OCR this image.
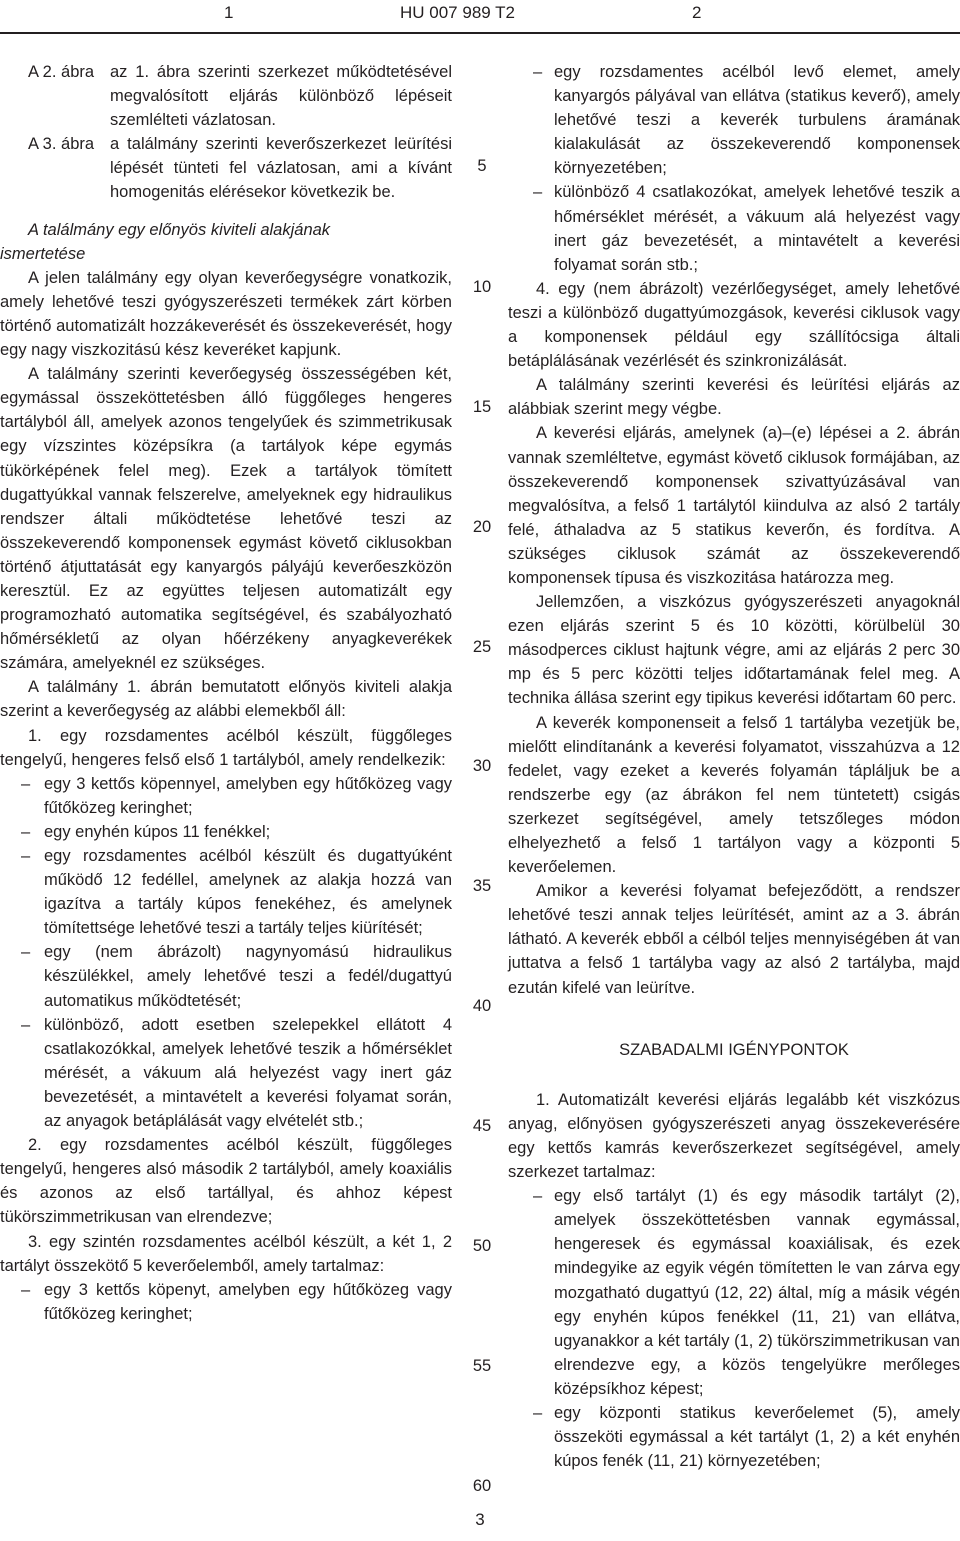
1	HU 007 989 T2	2

A 2. ábra az 1. ábra szerinti szerkezet működtetésével megvalósított eljárás különböző lépéseit szemlélteti vázlatosan.

A 3. ábra a találmány szerinti keverőszerkezet leürítési lépését tünteti fel vázlatosan, ami a kívánt homogenitás elérésekor következik be.

A találmány egy előnyös kiviteli alakjának ismertetése

A jelen találmány egy olyan keverőegységre vonatkozik, amely lehetővé teszi gyógyszerészeti termékek zárt körben történő automatizált hozzákeverését és összekeverését, hogy egy nagy viszkozitású kész keveréket kapjunk.

A találmány szerinti keverőegység összességében két, egymással összeköttetésben álló függőleges hengeres tartályból áll, amelyek azonos tengelyűek és szimmetrikusak egy vízszintes középsíkra (a tartályok képe egymás tükörképének felel meg). Ezek a tartályok tömített dugattyúkkal vannak felszerelve, amelyeknek egy hidraulikus rendszer általi működtetése lehetővé teszi az összekeverendő komponensek egymást követő ciklusokban történő átjuttatását egy kanyargós pályájú keverőeszközön keresztül. Ez az együttes teljesen automatizált egy programozható automatika segítségével, és szabályozható hőmérsékletű az olyan hőérzékeny anyagkeverékek számára, amelyeknél ez szükséges.

A találmány 1. ábrán bemutatott előnyös kiviteli alakja szerint a keverőegység az alábbi elemekből áll:

1. egy rozsdamentes acélból készült, függőleges tengelyű, hengeres felső első 1 tartályból, amely rendelkezik:

– egy 3 kettős köpennyel, amelyben egy hűtőközeg vagy fűtőközeg keringhet;

– egy enyhén kúpos 11 fenékkel;

– egy rozsdamentes acélból készült és dugattyúként működő 12 fedéllel, amelynek az alakja hozzá van igazítva a tartály kúpos fenekéhez, és amelynek tömítettsége lehetővé teszi a tartály teljes kiürítését;

– egy (nem ábrázolt) nagynyomású hidraulikus készülékkel, amely lehetővé teszi a fedél/dugattyú automatikus működtetését;

– különböző, adott esetben szelepekkel ellátott 4 csatlakozókkal, amelyek lehetővé teszik a hőmérséklet mérését, a vákuum alá helyezést vagy inert gáz bevezetését, a mintavételt a keverési folyamat során, az anyagok betáplálását vagy elvételét stb.;

2. egy rozsdamentes acélból készült, függőleges tengelyű, hengeres alsó második 2 tartályból, amely koaxiális és azonos az első tartállyal, és ahhoz képest tükörszimmetrikusan van elrendezve;

3. egy szintén rozsdamentes acélból készült, a két 1, 2 tartályt összekötő 5 keverőelemből, amely tartalmaz:

– egy 3 kettős köpenyt, amelyben egy hűtőközeg vagy fűtőközeg keringhet;

5
10
15
20
25
30
35
40
45
50
55
60

– egy rozsdamentes acélból levő elemet, amely kanyargós pályával van ellátva (statikus keverő), amely lehetővé teszi a keverék turbulens áramának kialakulását az összekeverendő komponensek környezetében;

– különböző 4 csatlakozókat, amelyek lehetővé teszik a hőmérséklet mérését, a vákuum alá helyezést vagy inert gáz bevezetését, a mintavételt a keverési folyamat során stb.;

4. egy (nem ábrázolt) vezérlőegységet, amely lehetővé teszi a különböző dugattyúmozgások, keverési ciklusok vagy a komponensek például egy szállítócsiga általi betáplálásának vezérlését és szinkronizálását.

A találmány szerinti keverési és leürítési eljárás az alábbiak szerint megy végbe.

A keverési eljárás, amelynek (a)–(e) lépései a 2. ábrán vannak szemléltetve, egymást követő ciklusok formájában, az összekeverendő komponensek szivattyúzásával van megvalósítva, a felső 1 tartálytól kiindulva az alsó 2 tartály felé, áthaladva az 5 statikus keverőn, és fordítva. A szükséges ciklusok számát az összekeverendő komponensek típusa és viszkozitása határozza meg.

Jellemzően, a viszkózus gyógyszerészeti anyagoknál ezen eljárás szerint 5 és 10 közötti, körülbelül 30 másodperces ciklust hajtunk végre, ami az eljárás 2 perc 30 mp és 5 perc közötti teljes időtartamának felel meg. A technika állása szerint egy tipikus keverési időtartam 60 perc.

A keverék komponenseit a felső 1 tartályba vezetjük be, mielőtt elindítanánk a keverési folyamatot, visszahúzva a 12 fedelet, vagy ezeket a keverés folyamán tápláljuk be a rendszerbe egy (az ábrákon fel nem tüntetett) csigás szerkezet segítségével, amely tetszőleges módon elhelyezhető a felső 1 tartályon vagy a központi 5 keverőelemen.

Amikor a keverési folyamat befejeződött, a rendszer lehetővé teszi annak teljes leürítését, amint az a 3. ábrán látható. A keverék ebből a célból teljes mennyiségében át van juttatva a felső 1 tartályba vagy az alsó 2 tartályba, majd ezután kifelé van leürítve.

SZABADALMI IGÉNYPONTOK

1. Automatizált keverési eljárás legalább két viszkózus anyag, előnyösen gyógyszerészeti anyag összekeverésére egy kettős kamrás keverőszerkezet segítségével, amely szerkezet tartalmaz:

– egy első tartályt (1) és egy második tartályt (2), amelyek összeköttetésben vannak egymással, hengeresek és egymással koaxiálisak, és ezek mindegyike az egyik végén tömítetten le van zárva egy mozgatható dugattyú (12, 22) által, míg a másik végén egy enyhén kúpos fenékkel (11, 21) van ellátva, ugyanakkor a két tartály (1, 2) tükörszimmetrikusan van elrendezve egy, a közös tengelyükre merőleges középsíkhoz képest;

– egy központi statikus keverőelemet (5), amely összeköti egymással a két tartályt (1, 2) a két enyhén kúpos fenék (11, 21) környezetében;

3
